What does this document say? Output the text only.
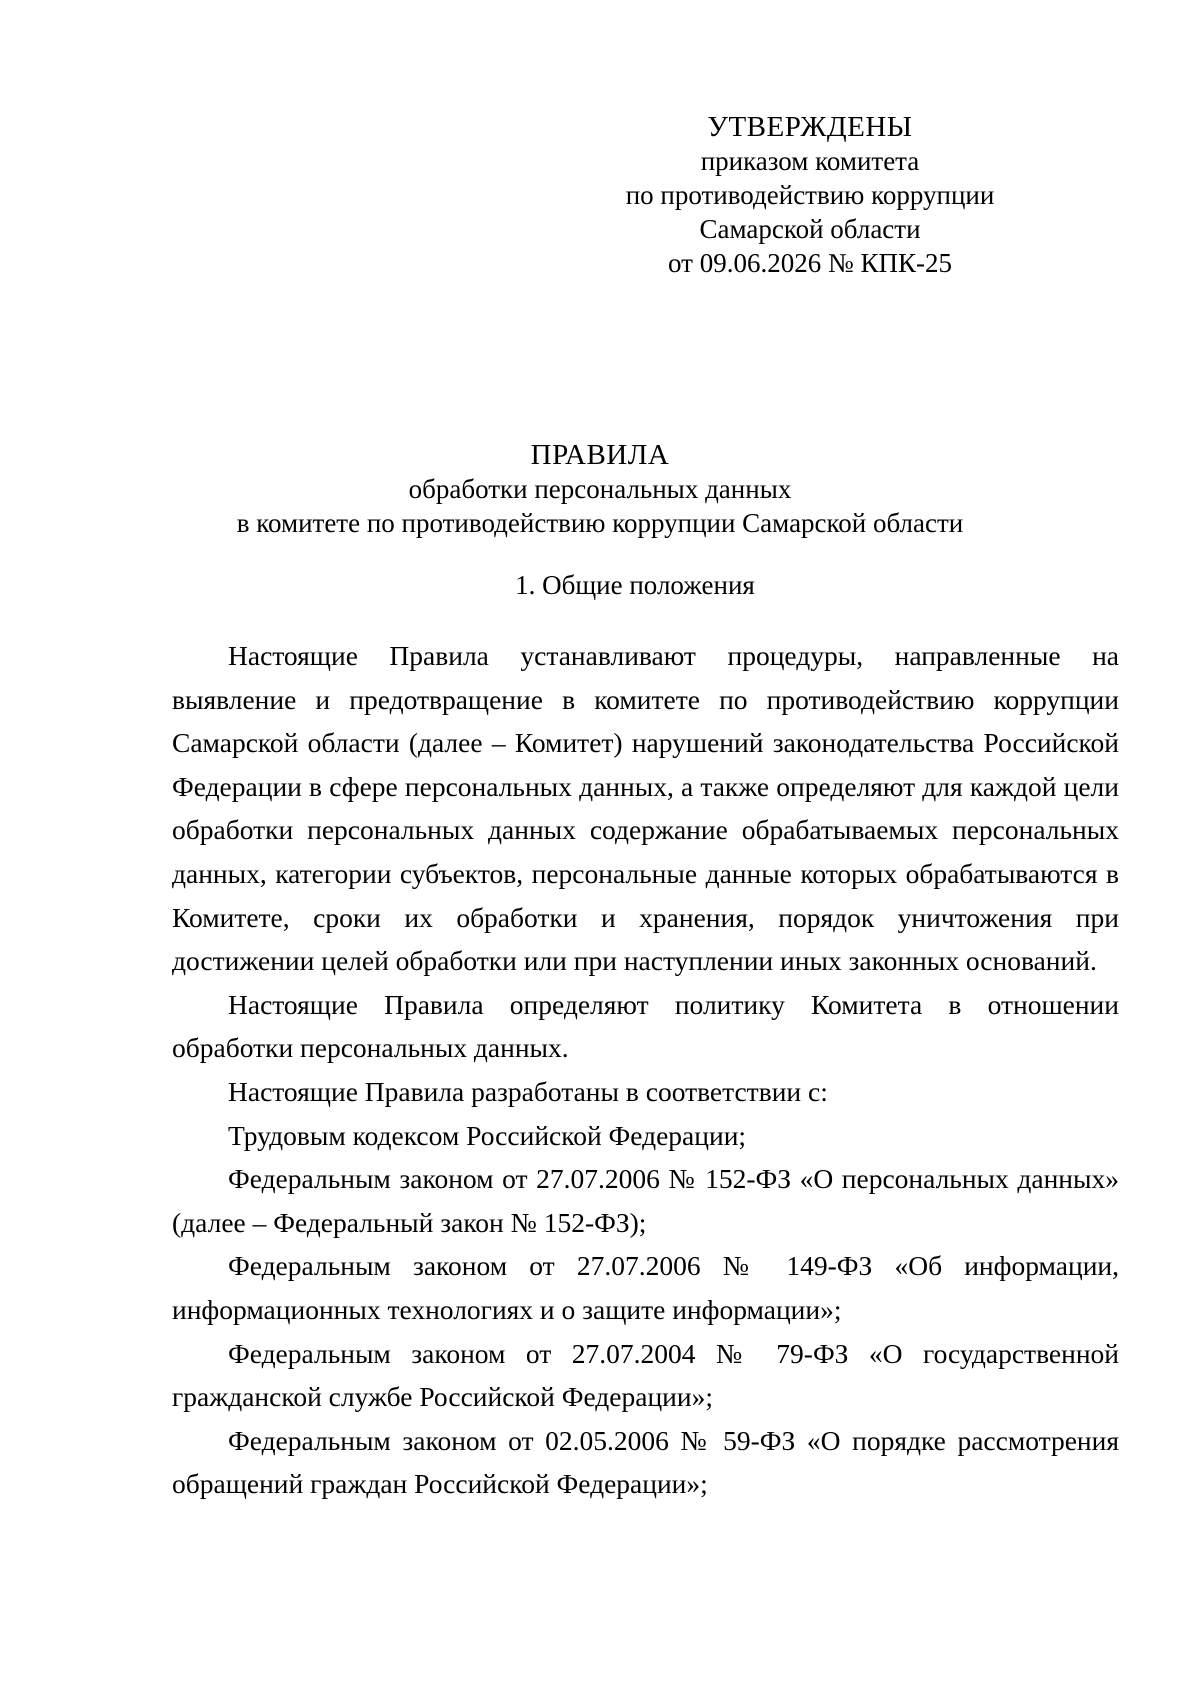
УТВЕРЖДЕНЫ
приказом комитета
по противодействию коррупции
Самарской области
от 09.06.2026 № КПК-25
ПРАВИЛА
обработки персональных данных
в комитете по противодействию коррупции Самарской области
1. Общие положения

Настоящие Правила устанавливают процедуры, направленные на выявление и предотвращение в комитете по противодействию коррупции Самарской области (далее – Комитет) нарушений законодательства Российской Федерации в сфере персональных данных, а также определяют для каждой цели обработки персональных данных содержание обрабатываемых персональных данных, категории субъектов, персональные данные которых обрабатываются в Комитете, сроки их обработки и хранения, порядок уничтожения при достижении целей обработки или при наступлении иных законных оснований.

Настоящие Правила определяют политику Комитета в отношении обработки персональных данных.

Настоящие Правила разработаны в соответствии с:

Трудовым кодексом Российской Федерации;

Федеральным законом от 27.07.2006 № 152-ФЗ «О персональных данных» (далее – Федеральный закон № 152-ФЗ);

Федеральным законом от 27.07.2006 № 149-ФЗ «Об информации, информационных технологиях и о защите информации»;

Федеральным законом от 27.07.2004 № 79-ФЗ «О государственной гражданской службе Российской Федерации»;

Федеральным законом от 02.05.2006 № 59-ФЗ «О порядке рассмотрения обращений граждан Российской Федерации»;
